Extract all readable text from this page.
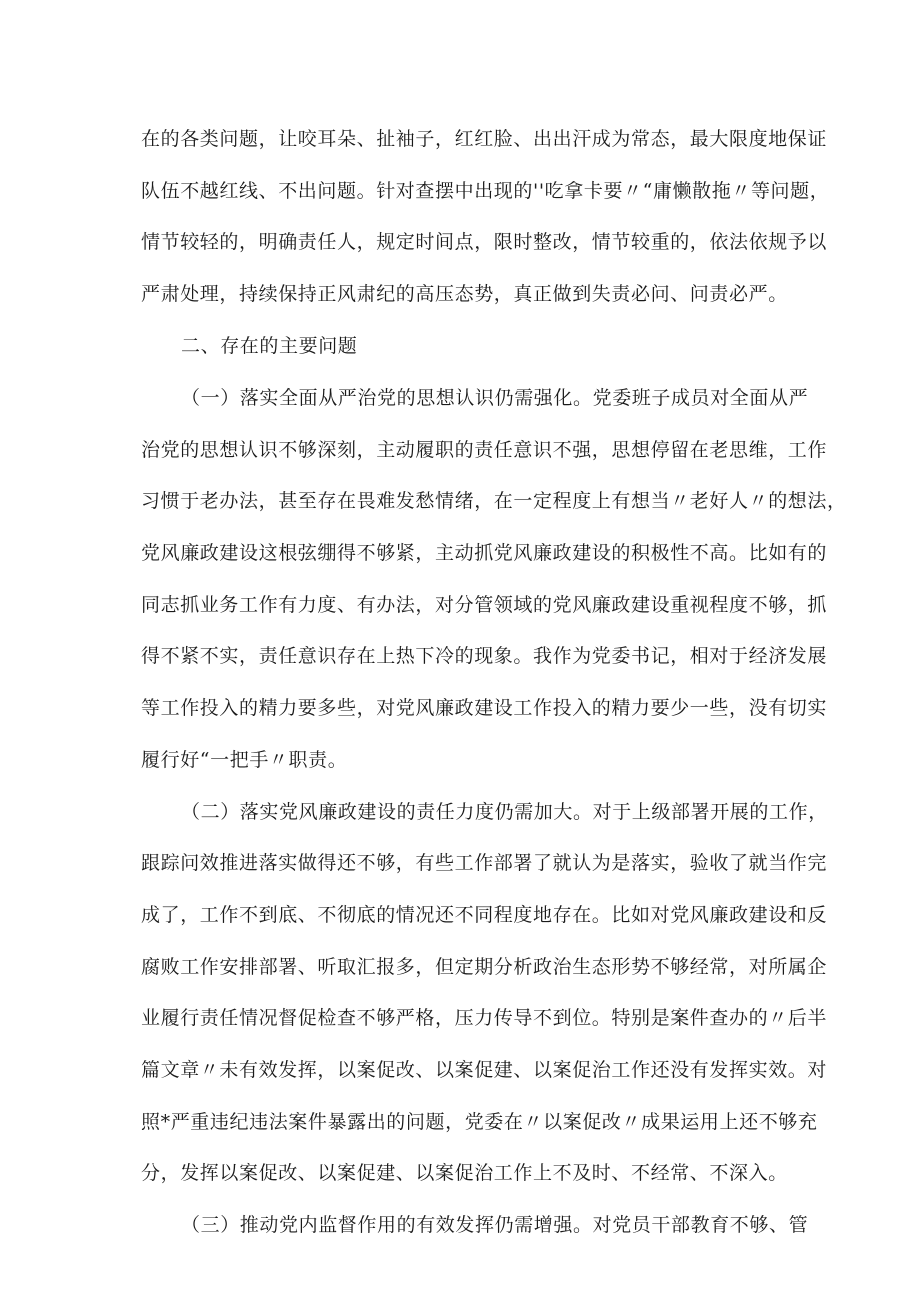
在的各类问题，让咬耳朵、扯袖子，红红脸、出出汗成为常态，最大限度地保证
队伍不越红线、不出问题。针对查摆中出现的''吃拿卡要〃“庸懒散拖〃等问题，
情节较轻的，明确责任人，规定时间点，限时整改，情节较重的，依法依规予以
严肃处理，持续保持正风肃纪的高压态势，真正做到失责必问、问责必严。
二、存在的主要问题
（一）落实全面从严治党的思想认识仍需强化。党委班子成员对全面从严
治党的思想认识不够深刻，主动履职的责任意识不强，思想停留在老思维，工作
习惯于老办法，甚至存在畏难发愁情绪，在一定程度上有想当〃老好人〃的想法，
党风廉政建设这根弦绷得不够紧，主动抓党风廉政建设的积极性不高。比如有的
同志抓业务工作有力度、有办法，对分管领域的党风廉政建设重视程度不够，抓
得不紧不实，责任意识存在上热下冷的现象。我作为党委书记，相对于经济发展
等工作投入的精力要多些，对党风廉政建设工作投入的精力要少一些，没有切实
履行好“一把手〃职责。
（二）落实党风廉政建设的责任力度仍需加大。对于上级部署开展的工作，
跟踪问效推进落实做得还不够，有些工作部署了就认为是落实，验收了就当作完
成了，工作不到底、不彻底的情况还不同程度地存在。比如对党风廉政建设和反
腐败工作安排部署、听取汇报多，但定期分析政治生态形势不够经常，对所属企
业履行责任情况督促检查不够严格，压力传导不到位。特别是案件查办的〃后半
篇文章〃未有效发挥，以案促改、以案促建、以案促治工作还没有发挥实效。对
照*严重违纪违法案件暴露出的问题，党委在〃以案促改〃成果运用上还不够充
分，发挥以案促改、以案促建、以案促治工作上不及时、不经常、不深入。
（三）推动党内监督作用的有效发挥仍需增强。对党员干部教育不够、管
